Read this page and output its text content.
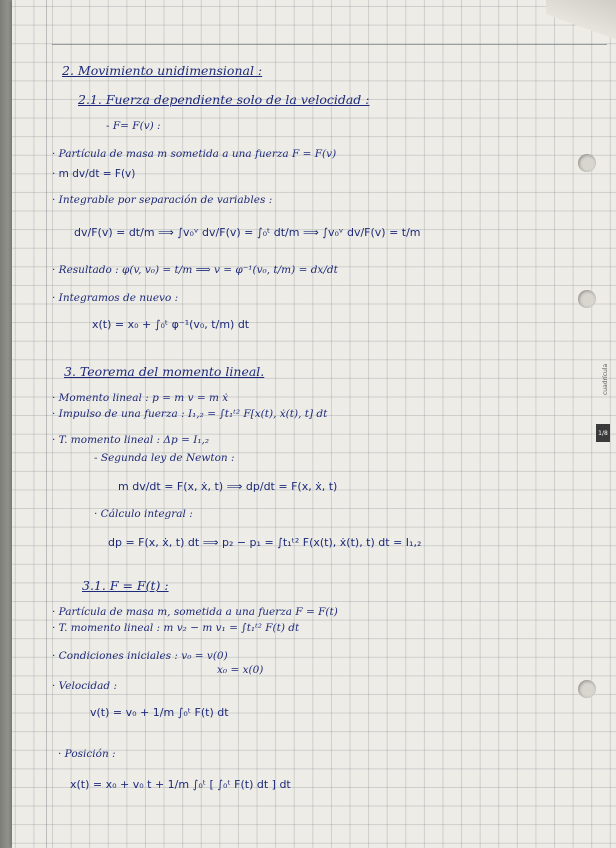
1/8
cuadrícula
2. Movimiento unidimensional :
2.1. Fuerza dependiente solo de la velocidad :
- F= F(v) :
· Partícula de masa m sometida a una fuerza F = F(v)
· m dv/dt = F(v)
· Integrable por separación de variables :
dv/F(v) = dt/m ⟹ ∫v₀ᵛ dv/F(v) = ∫₀ᵗ dt/m ⟹ ∫v₀ᵛ dv/F(v) = t/m
· Resultado : φ(v, v₀) = t/m ⟹ v = φ⁻¹(v₀, t/m) = dx/dt
· Integramos de nuevo :
x(t) = x₀ + ∫₀ᵗ φ⁻¹(v₀, t/m) dt
3. Teorema del momento lineal.
· Momento lineal : p = m v = m ẋ
· Impulso de una fuerza : I₁,₂ = ∫t₁ᵗ² F[x(t), ẋ(t), t] dt
· T. momento lineal : Δp = I₁,₂
- Segunda ley de Newton :
m dv/dt = F(x, ẋ, t) ⟹ dp/dt = F(x, ẋ, t)
· Cálculo integral :
dp = F(x, ẋ, t) dt ⟹ p₂ − p₁ = ∫t₁ᵗ² F(x(t), ẋ(t), t) dt = I₁,₂
3.1. F = F(t) :
· Partícula de masa m, sometida a una fuerza F = F(t)
· T. momento lineal : m v₂ − m v₁ = ∫t₁ᵗ² F(t) dt
· Condiciones iniciales : v₀ = v(0)
x₀ = x(0)
· Velocidad :
v(t) = v₀ + 1/m ∫₀ᵗ F(t) dt
· Posición :
x(t) = x₀ + v₀ t + 1/m ∫₀ᵗ [ ∫₀ᵗ F(t) dt ] dt
